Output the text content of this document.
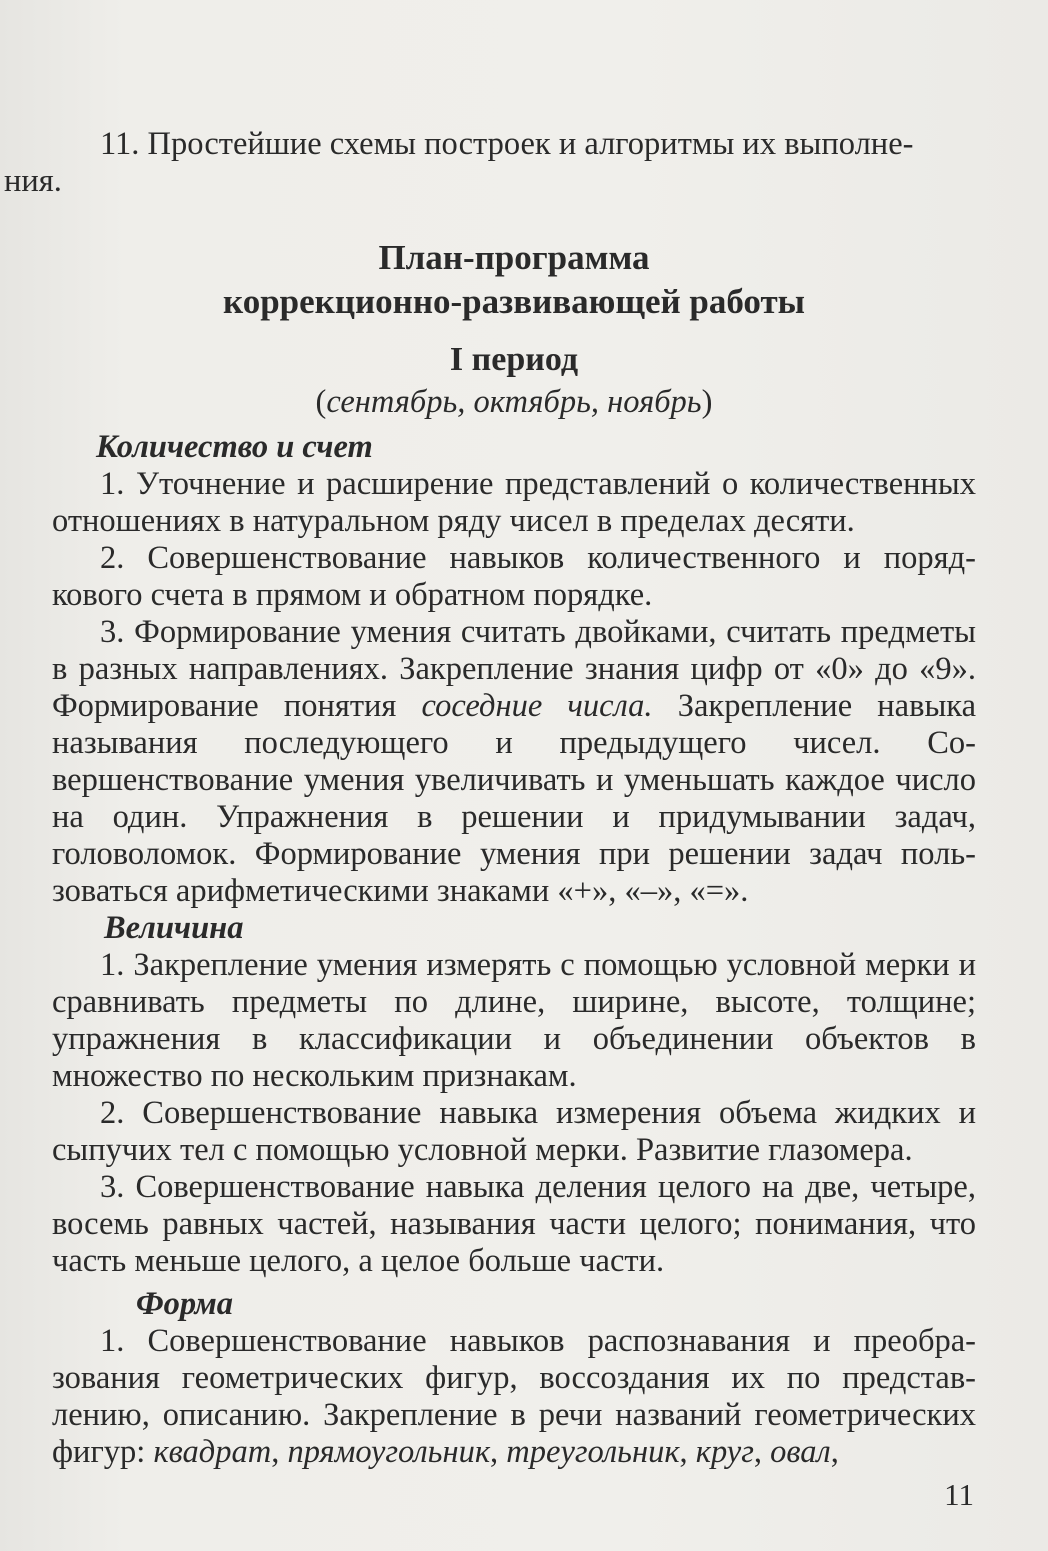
11. Простейшие схемы построек и алгоритмы их выполне-
ния.

План-программа

коррекционно-развивающей работы

I период

(сентябрь, октябрь, ноябрь)

Количество и счет

1. Уточнение и расширение представлений о количественных отношениях в натуральном ряду чисел в пределах десяти.

2. Совершенствование навыков количественного и порядкового счета в прямом и обратном порядке.

3. Формирование умения считать двойками, считать предметы в разных направлениях. Закрепление знания цифр от «0» до «9». Формирование понятия соседние числа. Закрепление навыка называния последующего и предыдущего чисел. Совершенствование умения увеличивать и уменьшать каждое число на один. Упражнения в решении и придумывании задач, головоломок. Формирование умения при решении задач пользоваться арифметическими знаками «+», «–», «=».

Величина

1. Закрепление умения измерять с помощью условной мерки и сравнивать предметы по длине, ширине, высоте, толщине; упражнения в классификации и объединении объектов в множество по нескольким признакам.

2. Совершенствование навыка измерения объема жидких и сыпучих тел с помощью условной мерки. Развитие глазомера.

3. Совершенствование навыка деления целого на две, четыре, восемь равных частей, называния части целого; понимания, что часть меньше целого, а целое больше части.

Форма

1. Совершенствование навыков распознавания и преобразования геометрических фигур, воссоздания их по представлению, описанию. Закрепление в речи названий геометрических фигур: квадрат, прямоугольник, треугольник, круг, овал,

11
